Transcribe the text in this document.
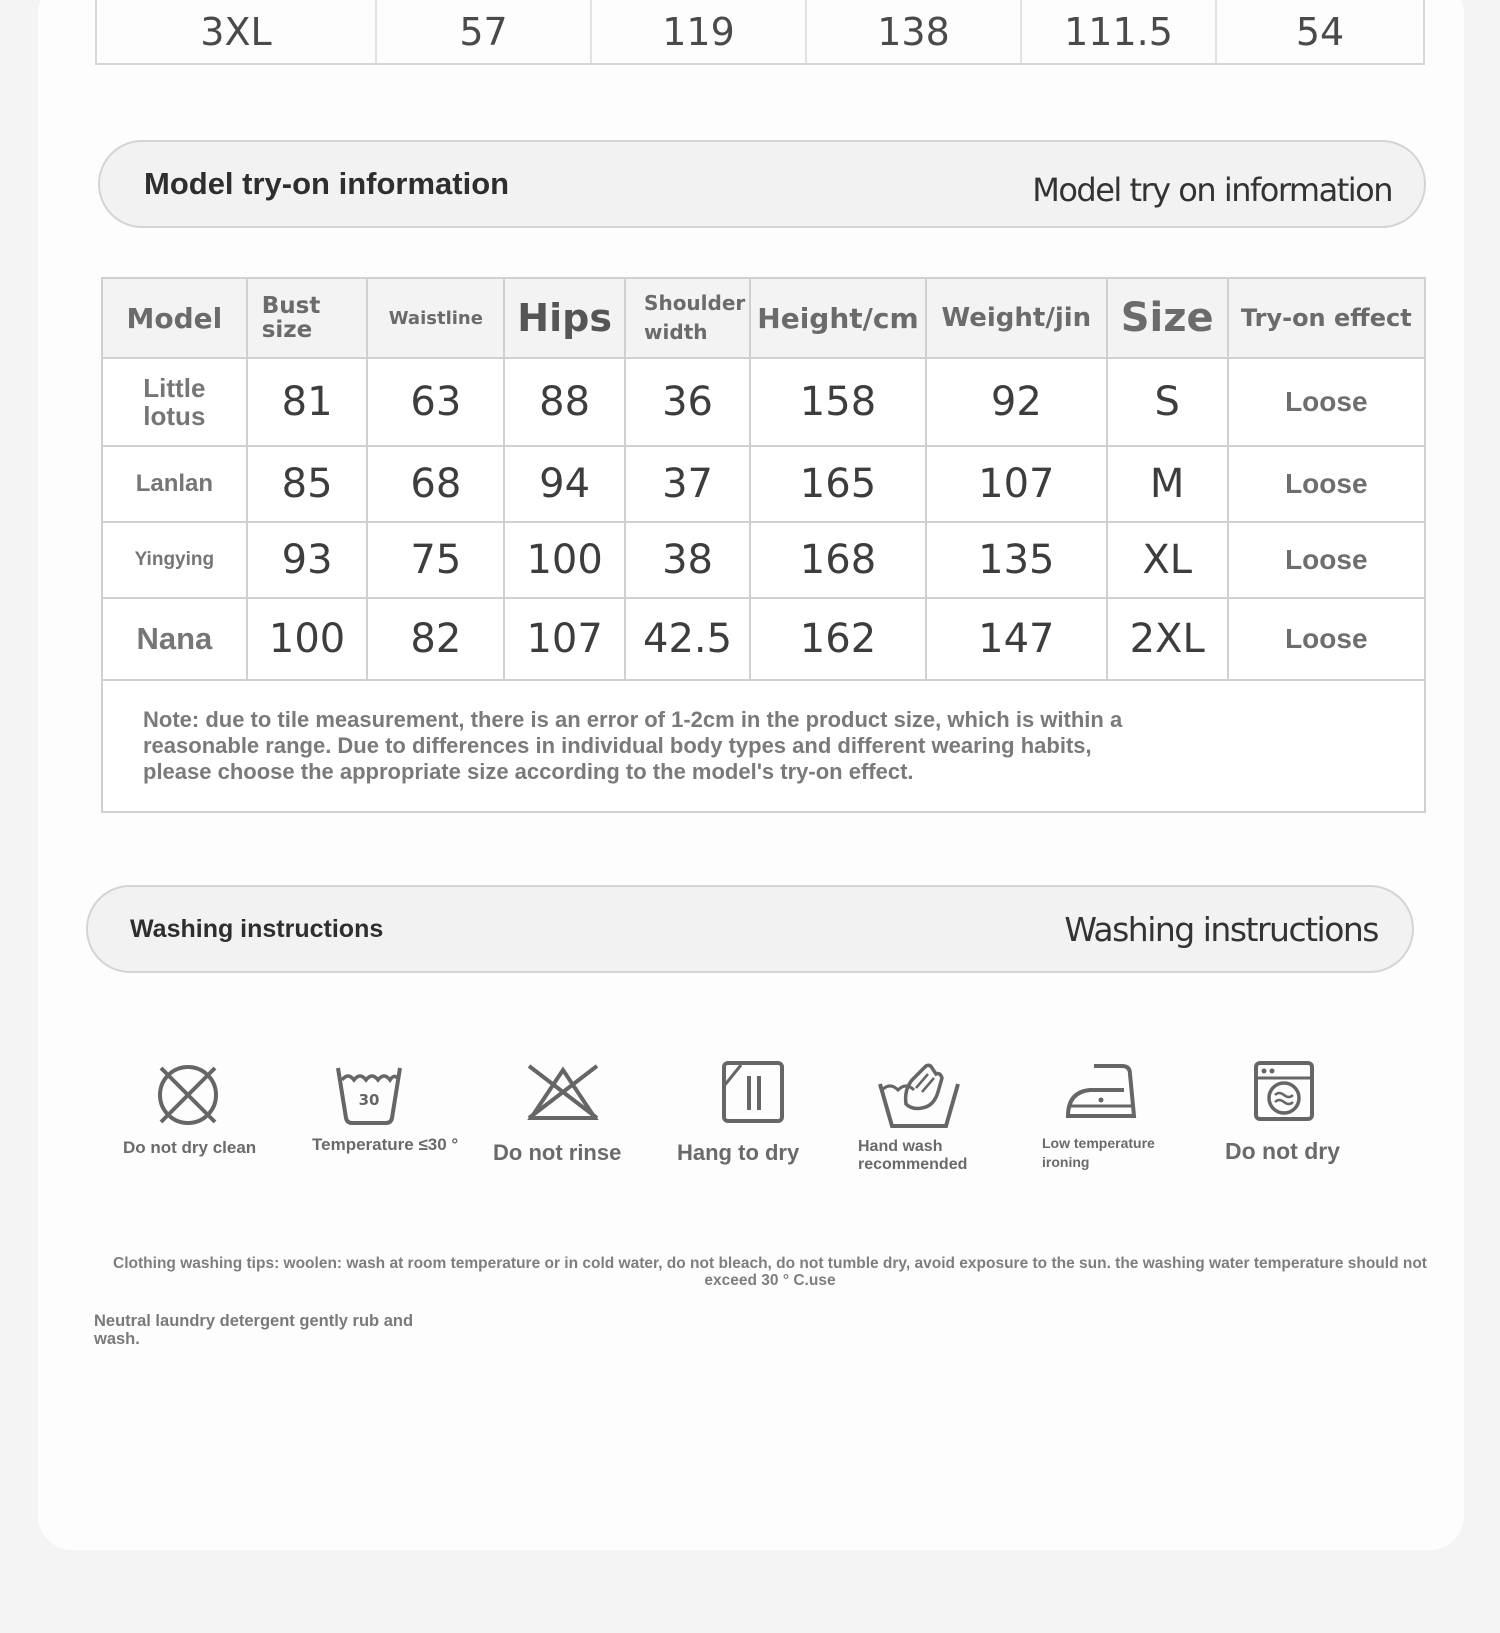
3XL	57	119	138	111.5	54
Model try-on information	Model try on information
Model	Bust size	Waistline	Hips	Shoulder width	Height/cm	Weight/jin	Size	Try-on effect
Little lotus	81	63	88	36	158	92	S	Loose
Lanlan	85	68	94	37	165	107	M	Loose
Yingying	93	75	100	38	168	135	XL	Loose
Nana	100	82	107	42.5	162	147	2XL	Loose

Note: due to tile measurement, there is an error of 1-2cm in the product size, which is within a reasonable range. Due to differences in individual body types and different wearing habits, please choose the appropriate size according to the model's try-on effect.								
Washing instructions	Washing instructions
Do not dry clean
30
Temperature ≤30 ° Do not rinse	Hang to dry	Hand wash recommended
Low temperature ironing	Do not dry
Clothing washing tips: woolen: wash at room temperature or in cold water, do not bleach, do not tumble dry, avoid exposure to the sun. the washing water temperature should not exceed 30 ° C.use
Neutral laundry detergent gently rub and wash.
